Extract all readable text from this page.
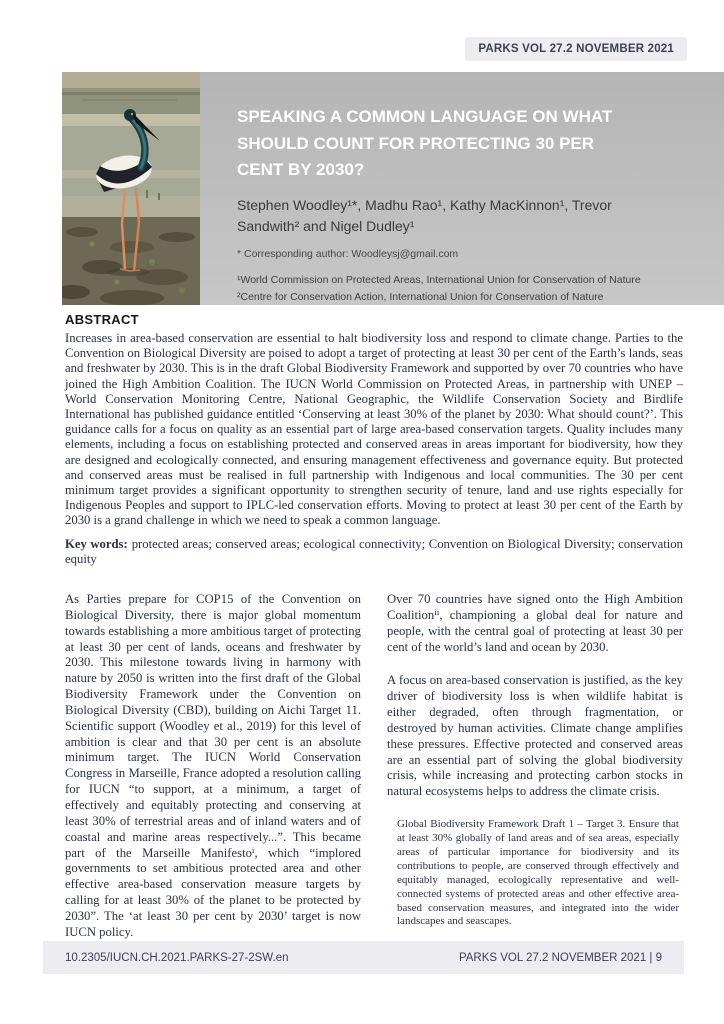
PARKS VOL 27.2 NOVEMBER 2021
SPEAKING A COMMON LANGUAGE ON WHAT
SHOULD COUNT FOR PROTECTING 30 PER
CENT BY 2030?
Stephen Woodley¹*, Madhu Rao¹, Kathy MacKinnon¹, Trevor Sandwith² and Nigel Dudley¹
* Corresponding author: Woodleysj@gmail.com
¹World Commission on Protected Areas, International Union for Conservation of Nature
²Centre for Conservation Action, International Union for Conservation of Nature
ABSTRACT
Increases in area-based conservation are essential to halt biodiversity loss and respond to climate change. Parties to the Convention on Biological Diversity are poised to adopt a target of protecting at least 30 per cent of the Earth’s lands, seas and freshwater by 2030. This is in the draft Global Biodiversity Framework and supported by over 70 countries who have joined the High Ambition Coalition. The IUCN World Commission on Protected Areas, in partnership with UNEP – World Conservation Monitoring Centre, National Geographic, the Wildlife Conservation Society and Birdlife International has published guidance entitled ‘Conserving at least 30% of the planet by 2030: What should count?’. This guidance calls for a focus on quality as an essential part of large area-based conservation targets. Quality includes many elements, including a focus on establishing protected and conserved areas in areas important for biodiversity, how they are designed and ecologically connected, and ensuring management effectiveness and governance equity. But protected and conserved areas must be realised in full partnership with Indigenous and local communities. The 30 per cent minimum target provides a significant opportunity to strengthen security of tenure, land and use rights especially for Indigenous Peoples and support to IPLC-led conservation efforts. Moving to protect at least 30 per cent of the Earth by 2030 is a grand challenge in which we need to speak a common language.
Key words: protected areas; conserved areas; ecological connectivity; Convention on Biological Diversity; conservation equity

As Parties prepare for COP15 of the Convention on Biological Diversity, there is major global momentum towards establishing a more ambitious target of protecting at least 30 per cent of lands, oceans and freshwater by 2030. This milestone towards living in harmony with nature by 2050 is written into the first draft of the Global Biodiversity Framework under the Convention on Biological Diversity (CBD), building on Aichi Target 11. Scientific support (Woodley et al., 2019) for this level of ambition is clear and that 30 per cent is an absolute minimum target. The IUCN World Conservation Congress in Marseille, France adopted a resolution calling for IUCN “to support, at a minimum, a target of effectively and equitably protecting and conserving at least 30% of terrestrial areas and of inland waters and of coastal and marine areas respectively...”. This became part of the Marseille Manifestoⁱ, which “implored governments to set ambitious protected area and other effective area-based conservation measure targets by calling for at least 30% of the planet to be protected by 2030”. The ‘at least 30 per cent by 2030’ target is now IUCN policy.

Over 70 countries have signed onto the High Ambition Coalitionⁱⁱ, championing a global deal for nature and people, with the central goal of protecting at least 30 per cent of the world’s land and ocean by 2030.

A focus on area-based conservation is justified, as the key driver of biodiversity loss is when wildlife habitat is either degraded, often through fragmentation, or destroyed by human activities. Climate change amplifies these pressures. Effective protected and conserved areas are an essential part of solving the global biodiversity crisis, while increasing and protecting carbon stocks in natural ecosystems helps to address the climate crisis.

Global Biodiversity Framework Draft 1 – Target 3. Ensure that at least 30% globally of land areas and of sea areas, especially areas of particular importance for biodiversity and its contributions to people, are conserved through effectively and equitably managed, ecologically representative and well-connected systems of protected areas and other effective area-based conservation measures, and integrated into the wider landscapes and seascapes.
10.2305/IUCN.CH.2021.PARKS-27-2SW.en	PARKS VOL 27.2 NOVEMBER 2021 | 9
